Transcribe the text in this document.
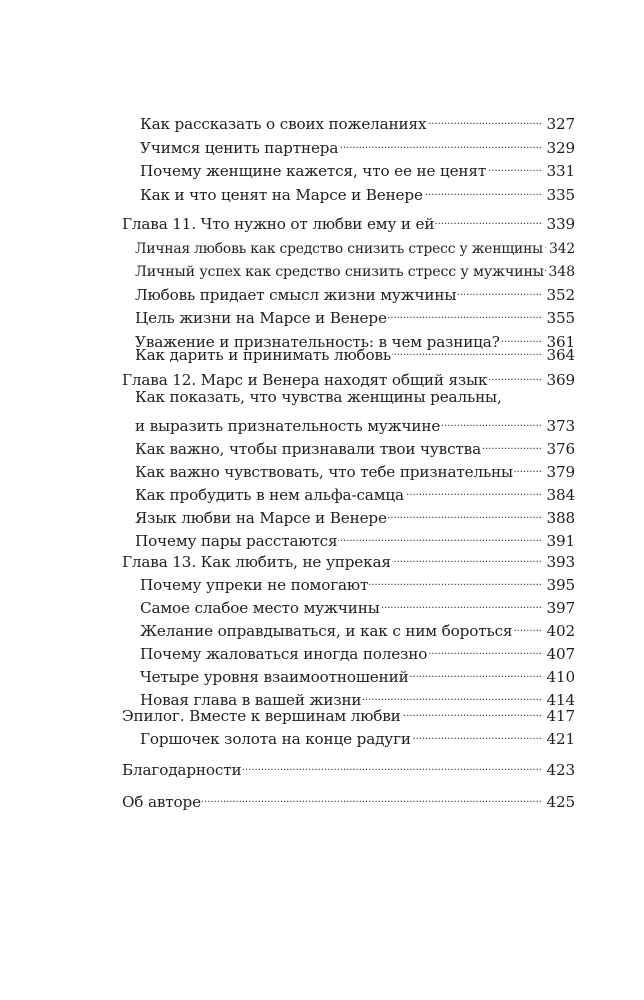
Как рассказать о своих пожеланиях . . .	327
Учимся ценить партнера . . .	329
Почему женщине кажется, что ее не ценят . . .	331
Как и что ценят на Марсе и Венере . . .	335
Глава 11. Что нужно от любви ему и ей . . .	339
Личная любовь как средство снизить стресс у женщины . . . 342
Личный успех как средство снизить стресс у мужчины . . . 348
Любовь придает смысл жизни мужчины . . .	352
Цель жизни на Марсе и Венере . . .	355
Уважение и признательность: в чем разница? . . .	361
Как дарить и принимать любовь . . .	364
Глава 12. Марс и Венера находят общий язык . . .	369
Как показать, что чувства женщины реальны,
и выразить признательность мужчине . . .	373
Как важно, чтобы признавали твои чувства . . .	376
Как важно чувствовать, что тебе признательны . . . 379
Как пробудить в нем альфа-самца . . .	384
Язык любви на Марсе и Венере . . .	388
Почему пары расстаются . . .	391
Глава 13. Как любить, не упрекая . . .	393
Почему упреки не помогают . . .	395
Самое слабое место мужчины . . .	397
Желание оправдываться, и как с ним бороться . . . 402
Почему жаловаться иногда полезно . . .	407
Четыре уровня взаимоотношений . . .	410
Новая глава в вашей жизни . . .	414
Эпилог. Вместе к вершинам любви . . .	417
Горшочек золота на конце радуги . . .	421
Благодарности . . .	423
Об авторе . . .	425
